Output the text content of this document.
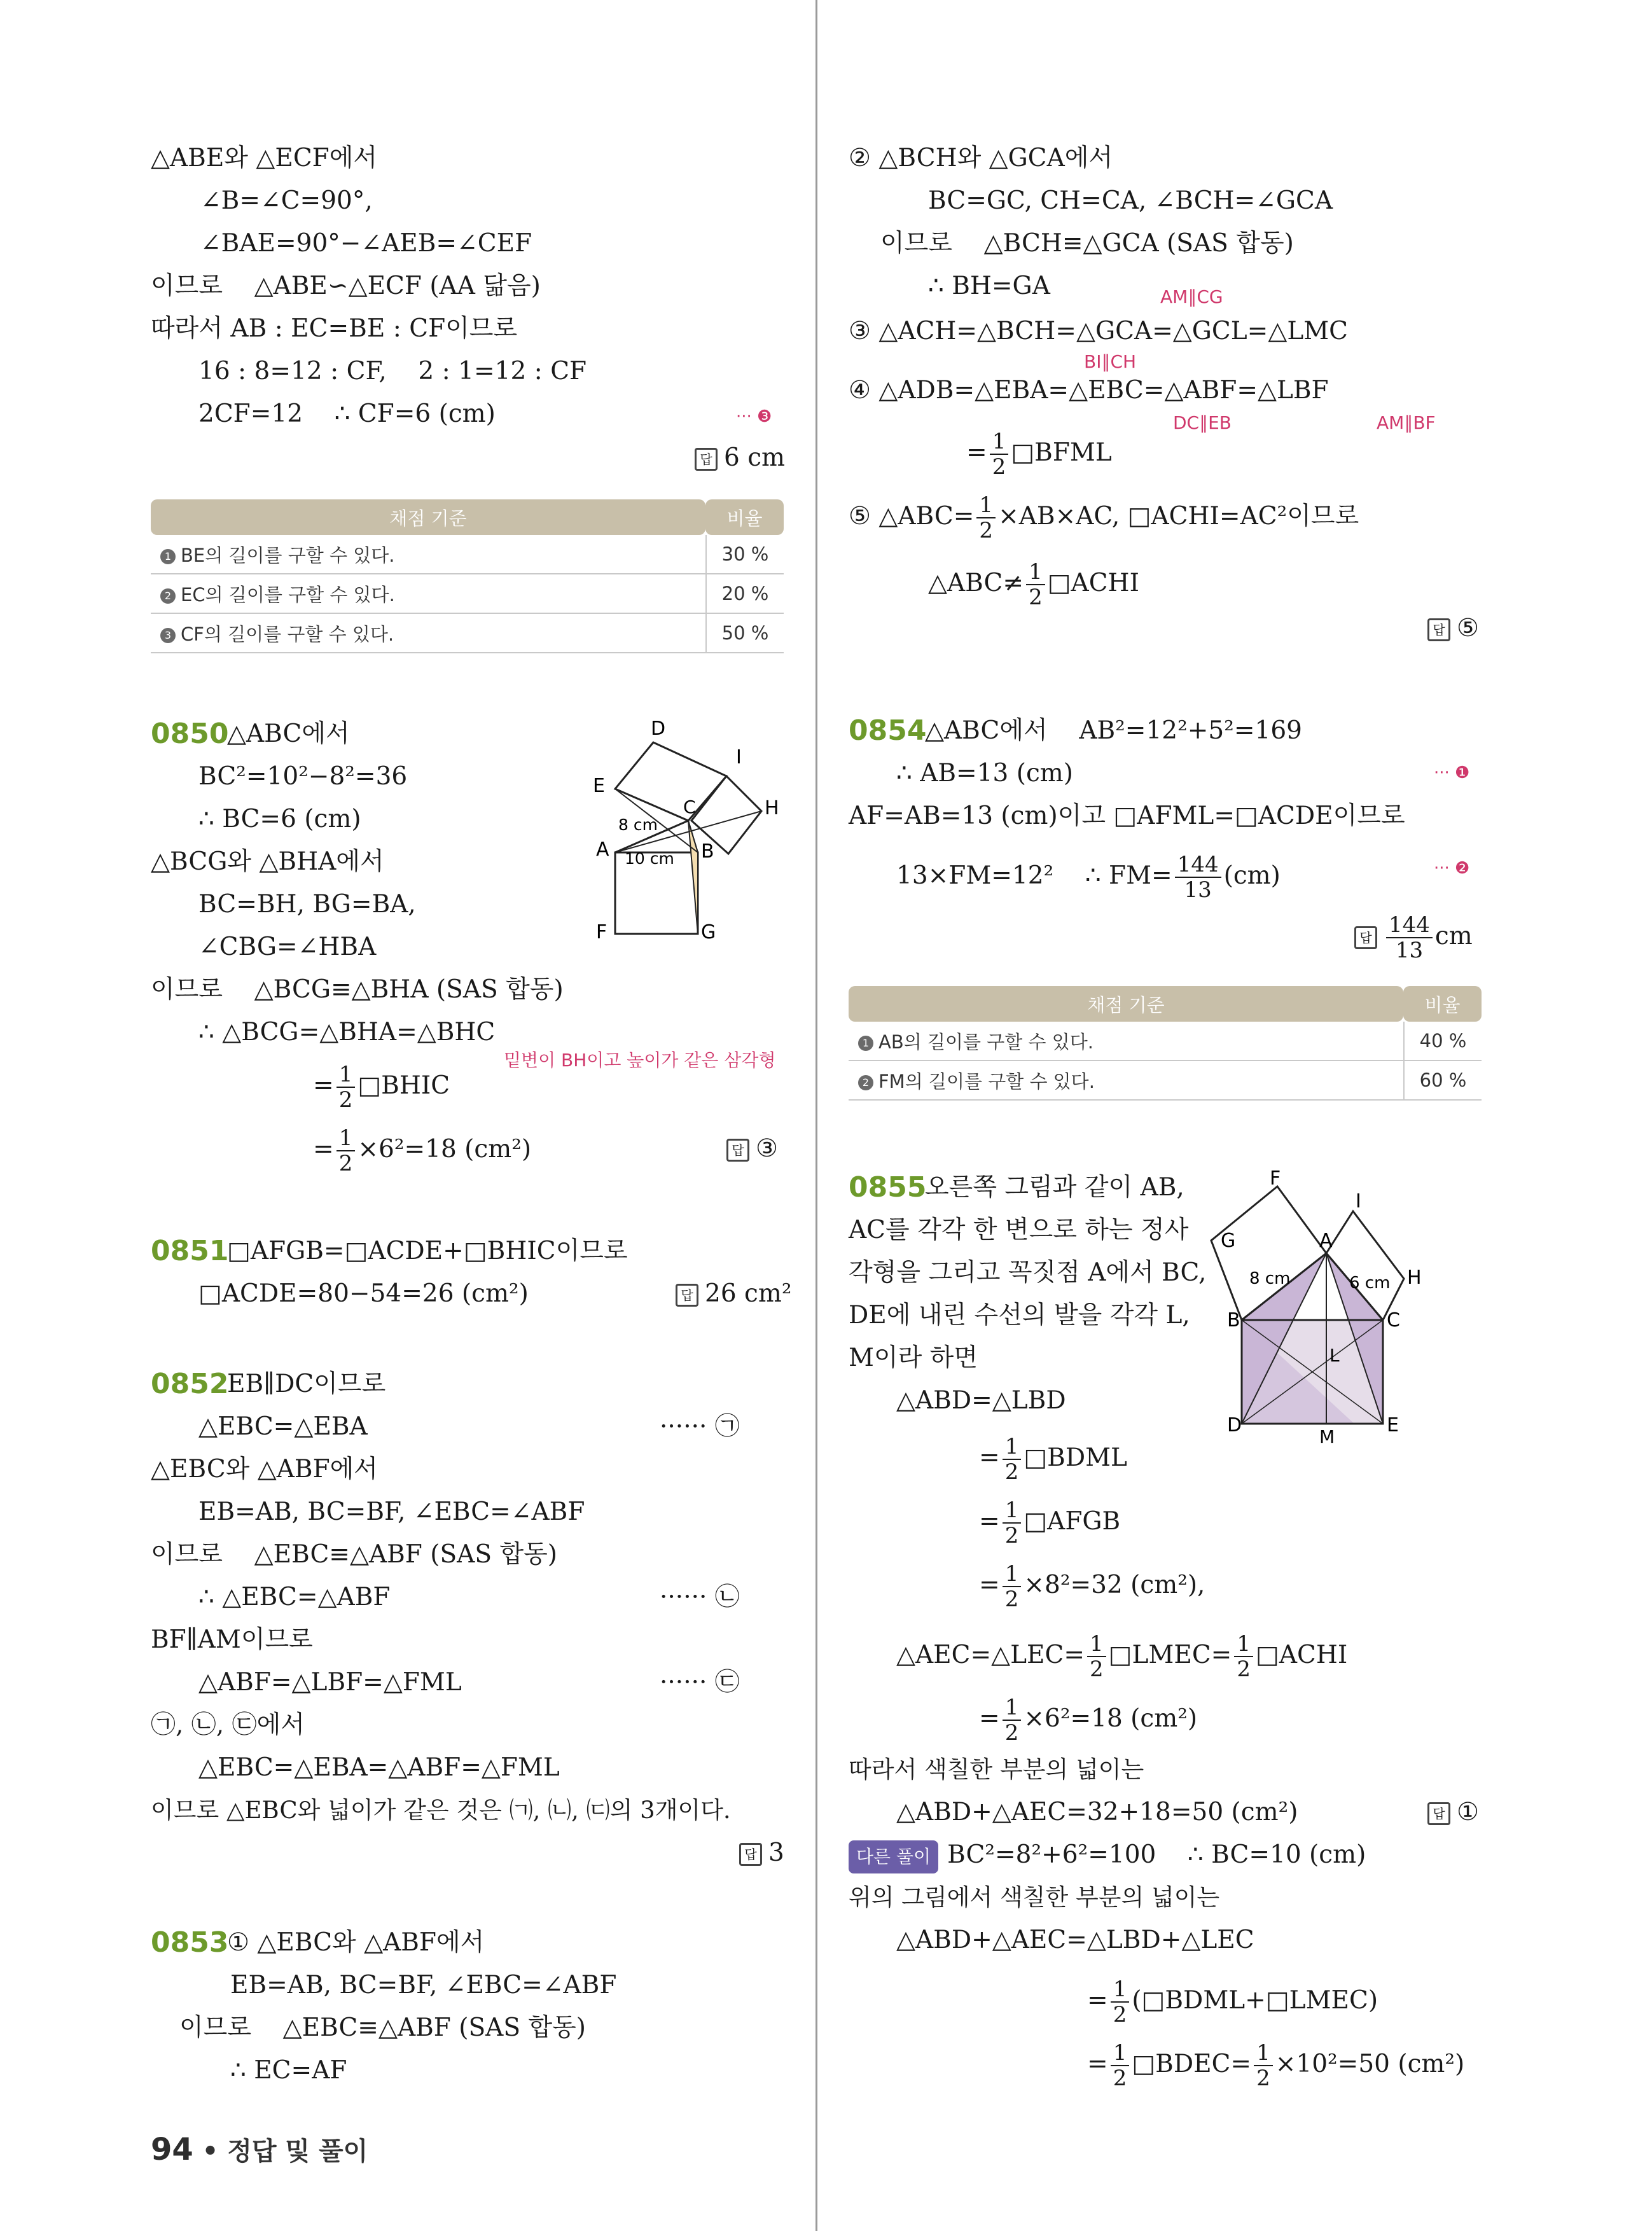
△ABE와 △ECF에서
∠B=∠C=90°,
∠BAE=90°−∠AEB=∠CEF
이므로    △ABE∽△ECF (AA 닮음)
따라서 AB : EC=BE : CF이므로
16 : 8=12 : CF,    2 : 1=12 : CF
2CF=12    ∴ CF=6 (cm)	··· ❸
답 6 cm
채점 기준	비율
1 BE의 길이를 구할 수 있다.	30 %
2 EC의 길이를 구할 수 있다.	20 %
3 CF의 길이를 구할 수 있다.	50 %
0850
△ABC에서
BC²=10²−8²=36
∴ BC=6 (cm)
△BCG와 △BHA에서
BC=BH, BG=BA,
∠CBG=∠HBA
이므로    △BCG≡△BHA (SAS 합동)
∴ △BCG=△BHA=△BHC
밑변이 BH이고 높이가 같은 삼각형
= $\frac{1}{2}$ □BHIC
= $\frac{1}{2} \times 6^2=18$ (cm²)	답 ③
D
I
E
C	H
A	B
F	G
8 cm
10 cm
0851
□AFGB=□ACDE+□BHIC이므로
□ACDE=80−54=26 (cm²)	답 26 cm²
0852
EB∥DC이므로
△EBC=△EBA	······ ㉠
△EBC와 △ABF에서
EB=AB, BC=BF, ∠EBC=∠ABF
이므로    △EBC≡△ABF (SAS 합동)
∴ △EBC=△ABF	······ ㉡
BF∥AM이므로
△ABF=△LBF=△FML	······ ㉢
㉠, ㉡, ㉢에서
△EBC=△EBA=△ABF=△FML
이므로 △EBC와 넓이가 같은 것은 ㈀, ㈁, ㈂의 3개이다.
답 3
0853
① △EBC와 △ABF에서
EB=AB, BC=BF, ∠EBC=∠ABF
이므로    △EBC≡△ABF (SAS 합동)
∴ EC=AF
② △BCH와 △GCA에서
BC=GC, CH=CA, ∠BCH=∠GCA
이므로    △BCH≡△GCA (SAS 합동)
∴ BH=GA	AM∥CG
③ △ACH=△BCH=△GCA=△GCL=△LMC
BI∥CH
④ △ADB=△EBA=△EBC=△ABF=△LBF
DC∥EB	AM∥BF
= $\frac{1}{2}$ □BFML
⑤ △ABC= $\frac{1}{2} \times AB\times AC$, □ACHI=AC²이므로
△ABC≠ $\frac{1}{2}$ □ACHI
답 ⑤
0854
△ABC에서    AB²=12²+5²=169
∴ AB=13 (cm)	··· ❶
AF=AB=13 (cm)이고 □AFML=□ACDE이므로
13×FM=12²    ∴ $FM= \frac{144}{13} (cm)$	··· ❷
답 $\frac{144}{13}$ cm
채점 기준	비율
1 AB의 길이를 구할 수 있다.	40 %
2 FM의 길이를 구할 수 있다.	60 %
0855
오른쪽 그림과 같이 AB,
AC를 각각 한 변으로 하는 정사
각형을 그리고 꼭짓점 A에서 BC,
DE에 내린 수선의 발을 각각 L,
M이라 하면
△ABD=△LBD
= $\frac{1}{2}$ □BDML
= $\frac{1}{2}$ □AFGB
= $\frac{1}{2} \times 8^2=32$ (cm²),
△AEC=△LEC= $\frac{1}{2}$ □LMEC= $\frac{1}{2}$ □ACHI
= $\frac{1}{2} \times 6^2=18$ (cm²)
따라서 색칠한 부분의 넓이는
△ABD+△AEC=32+18=50 (cm²)	답 ①
다른 풀이 BC²=8²+6²=100    ∴ BC=10 (cm)
위의 그림에서 색칠한 부분의 넓이는
△ABD+△AEC=△LBD+△LEC
= $\frac{1}{2}$ (□BDML+□LMEC)
= $\frac{1}{2}$ □BDEC= $\frac{1}{2} \times 10^2=50$ (cm²)
F
I
G	A
H
B	C
L
D	E
M
8 cm	6 cm
94 • 정답 및 풀이
